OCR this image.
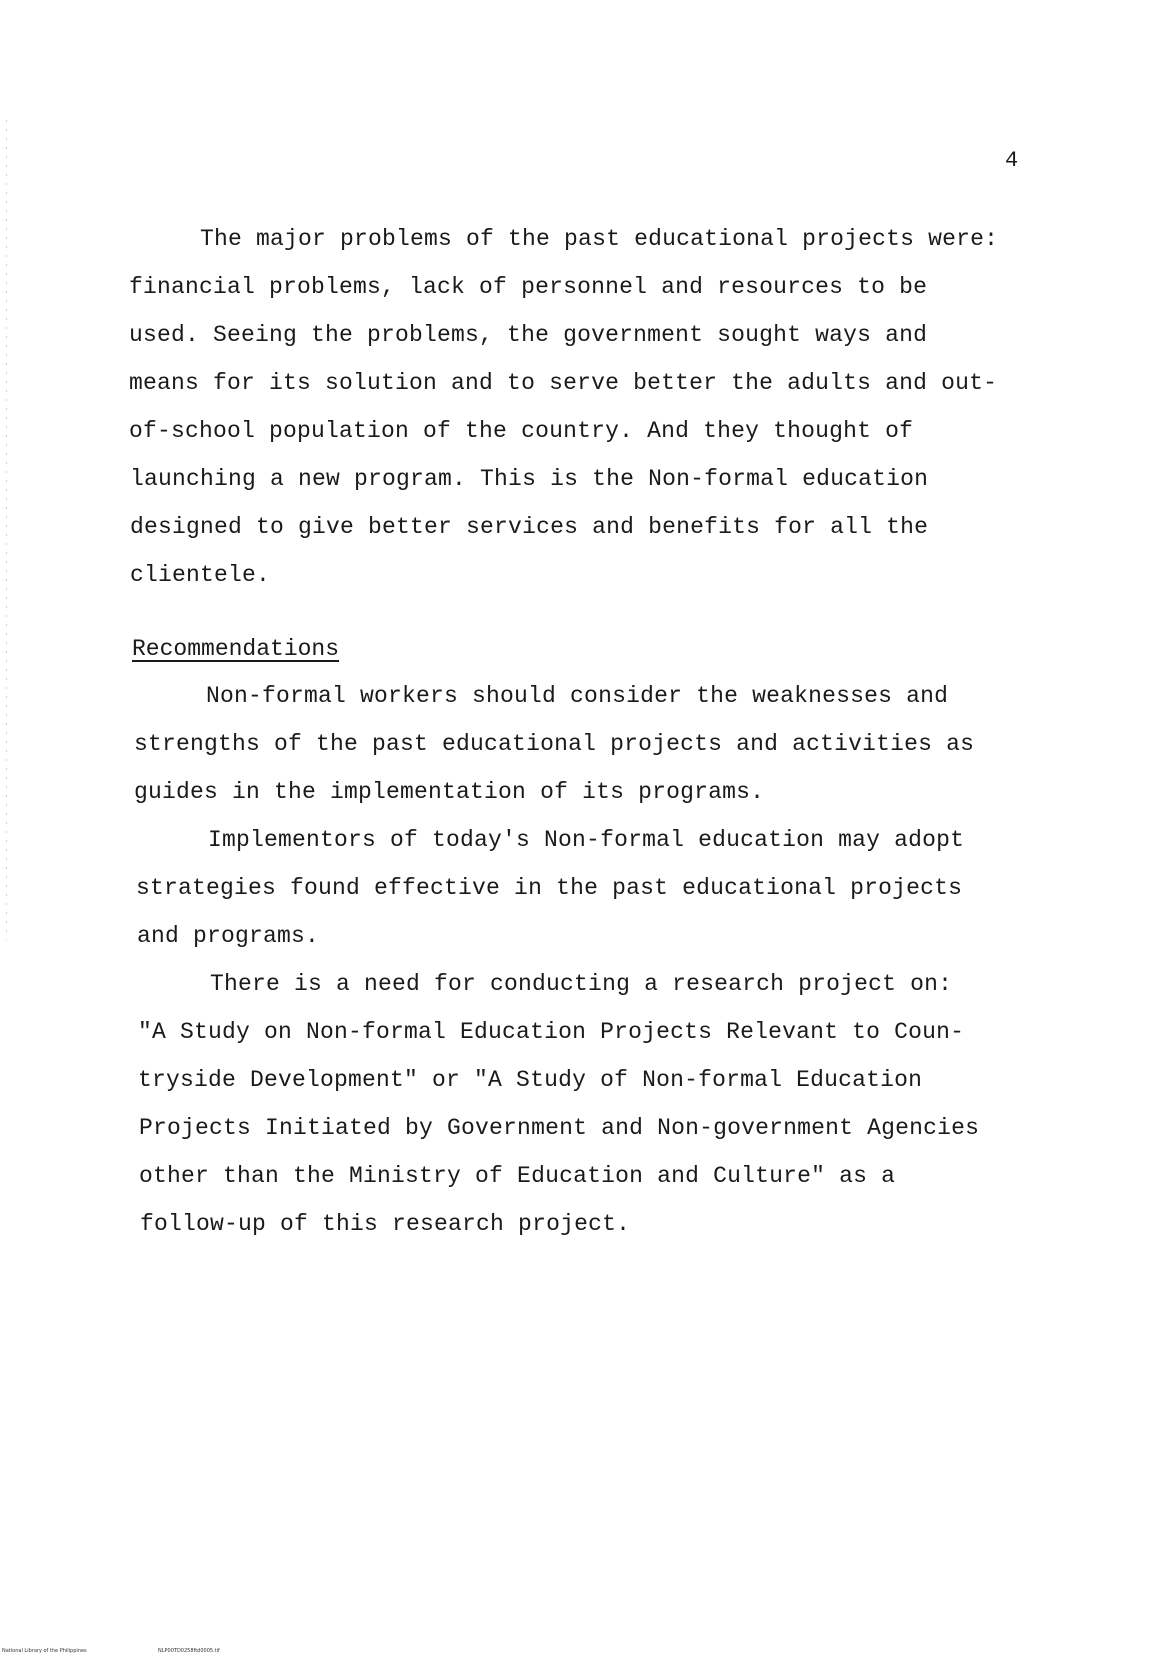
4
The major problems of the past educational projects were:
financial problems, lack of personnel and resources to be
used. Seeing the problems, the government sought ways and
means for its solution and to serve better the adults and out-
of-school population of the country. And they thought of
launching a new program. This is the Non-formal education
designed to give better services and benefits for all the
clientele.
Recommendations
Non-formal workers should consider the weaknesses and
strengths of the past educational projects and activities as
guides in the implementation of its programs.
Implementors of today's Non-formal education may adopt
strategies found effective in the past educational projects
and programs.
There is a need for conducting a research project on:
"A Study on Non-formal Education Projects Relevant to Coun-
tryside Development" or "A Study of Non-formal Education
Projects Initiated by Government and Non-government Agencies
other than the Ministry of Education and Culture" as a
follow-up of this research project.
National Library of the Philippines	NLP00TD0258ftd0005.tif
